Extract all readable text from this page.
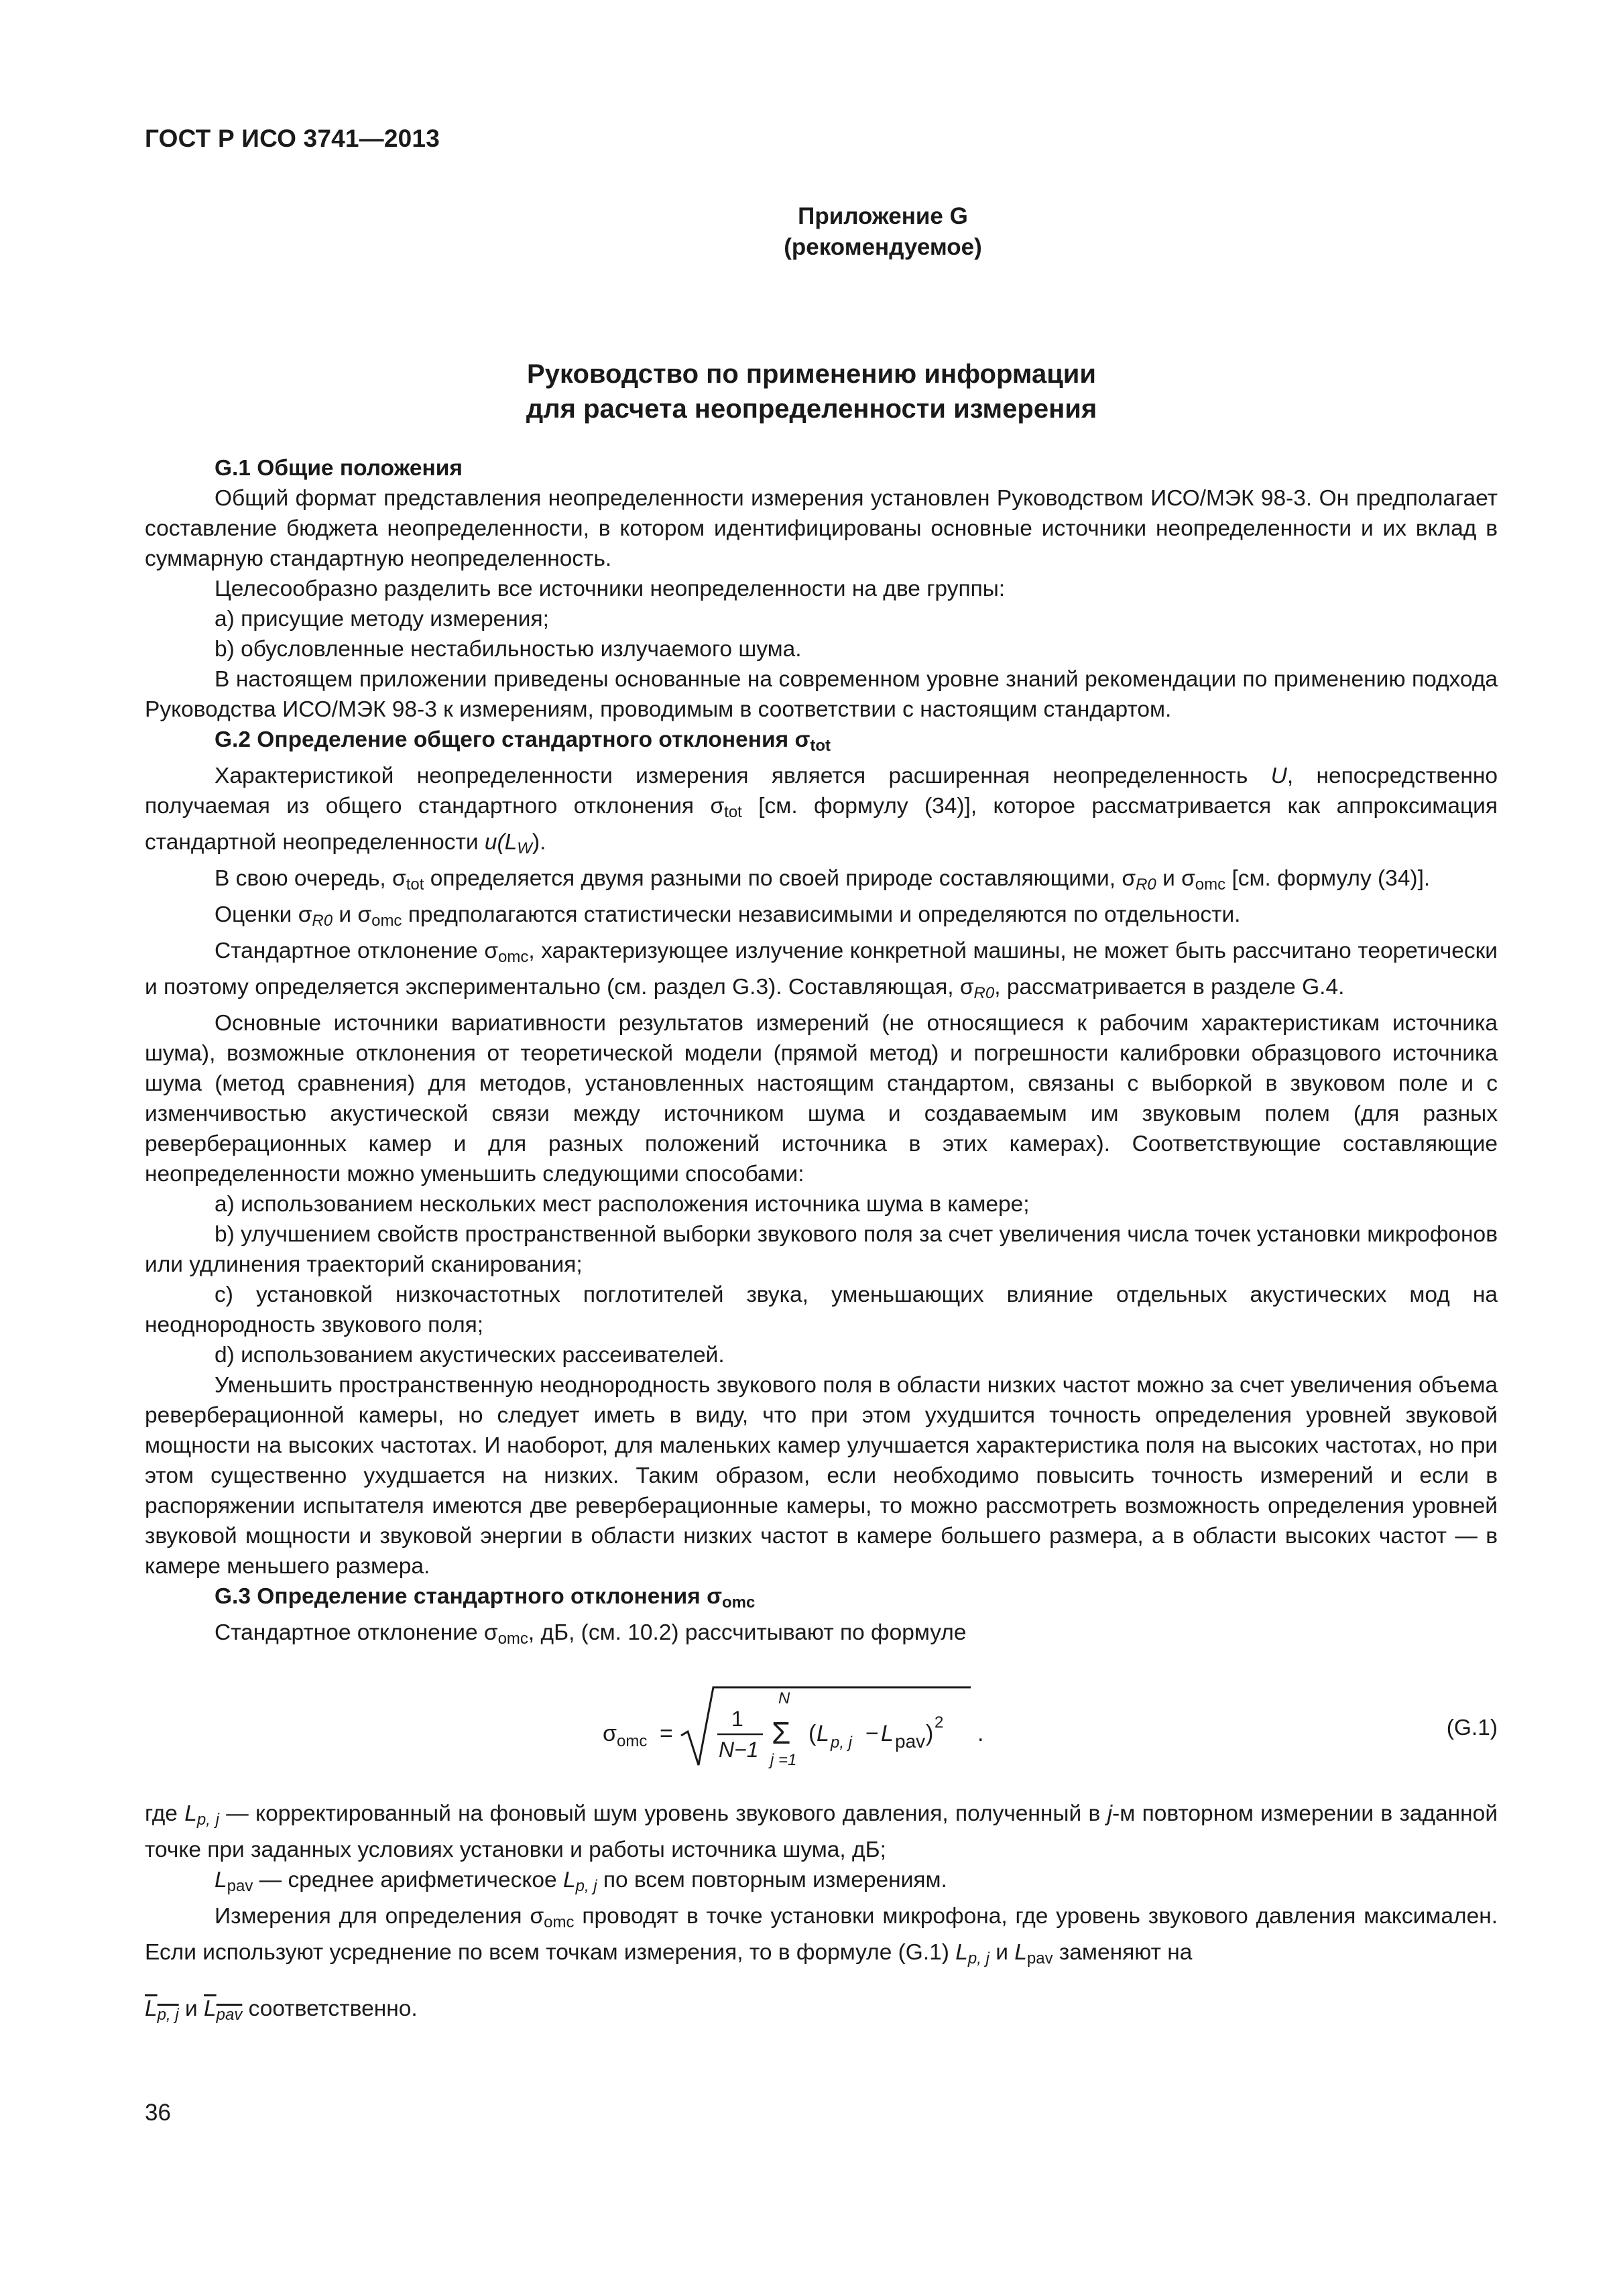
ГОСТ Р ИСО 3741—2013
Приложение G
(рекомендуемое)
Руководство по применению информации
для расчета неопределенности измерения

G.1 Общие положения

Общий формат представления неопределенности измерения установлен Руководством ИСО/МЭК 98-3. Он предполагает составление бюджета неопределенности, в котором идентифицированы основные источники неопределенности и их вклад в суммарную стандартную неопределенность.

Целесообразно разделить все источники неопределенности на две группы:

a) присущие методу измерения;

b) обусловленные нестабильностью излучаемого шума.

В настоящем приложении приведены основанные на современном уровне знаний рекомендации по применению подхода Руководства ИСО/МЭК 98-3 к измерениям, проводимым в соответствии с настоящим стандартом.

G.2 Определение общего стандартного отклонения $\sigma_{tot}$

Характеристикой неопределенности измерения является расширенная неопределенность U, непосредственно получаемая из общего стандартного отклонения $\sigma_{tot}$ [см. формулу (34)], которое рассматривается как аппроксимация стандартной неопределенности $u(L_W)$.

В свою очередь, $\sigma_{tot}$ определяется двумя разными по своей природе составляющими, $\sigma_{R0}$ и $\sigma_{omc}$ [см. формулу (34)].

Оценки $\sigma_{R0}$ и $\sigma_{omc}$ предполагаются статистически независимыми и определяются по отдельности.

Стандартное отклонение $\sigma_{omc}$, характеризующее излучение конкретной машины, не может быть рассчитано теоретически и поэтому определяется экспериментально (см. раздел G.3). Составляющая, $\sigma_{R0}$, рассматривается в разделе G.4.

Основные источники вариативности результатов измерений (не относящиеся к рабочим характеристикам источника шума), возможные отклонения от теоретической модели (прямой метод) и погрешности калибровки образцового источника шума (метод сравнения) для методов, установленных настоящим стандартом, связаны с выборкой в звуковом поле и с изменчивостью акустической связи между источником шума и создаваемым им звуковым полем (для разных реверберационных камер и для разных положений источника в этих камерах). Соответствующие составляющие неопределенности можно уменьшить следующими способами:

a) использованием нескольких мест расположения источника шума в камере;

b) улучшением свойств пространственной выборки звукового поля за счет увеличения числа точек установки микрофонов или удлинения траекторий сканирования;

c) установкой низкочастотных поглотителей звука, уменьшающих влияние отдельных акустических мод на неоднородность звукового поля;

d) использованием акустических рассеивателей.

Уменьшить пространственную неоднородность звукового поля в области низких частот можно за счет увеличения объема реверберационной камеры, но следует иметь в виду, что при этом ухудшится точность определения уровней звуковой мощности на высоких частотах. И наоборот, для маленьких камер улучшается характеристика поля на высоких частотах, но при этом существенно ухудшается на низких. Таким образом, если необходимо повысить точность измерений и если в распоряжении испытателя имеются две реверберационные камеры, то можно рассмотреть возможность определения уровней звуковой мощности и звуковой энергии в области низких частот в камере большего размера, а в области высоких частот — в камере меньшего размера.

G.3 Определение стандартного отклонения $\sigma_{omc}$

Стандартное отклонение $\sigma_{omc}$, дБ, (см. 10.2) рассчитывают по формуле

σ omc =
1
N−1
N
Σ
j =1
( L p, j − L pav ) 2 .	(G.1)

где $L_{p, j}$ — корректированный на фоновый шум уровень звукового давления, полученный в j-м повторном измерении в заданной точке при заданных условиях установки и работы источника шума, дБ;

$L_{pav}$ — среднее арифметическое $L_{p, j}$ по всем повторным измерениям.

Измерения для определения $\sigma_{omc}$ проводят в точке установки микрофона, где уровень звукового давления максимален. Если используют усреднение по всем точкам измерения, то в формуле (G.1) $L_{p, j}$ и $L_{pav}$ заменяют на

$L_{p, j}$ и $L_{pav}$ соответственно.
36
